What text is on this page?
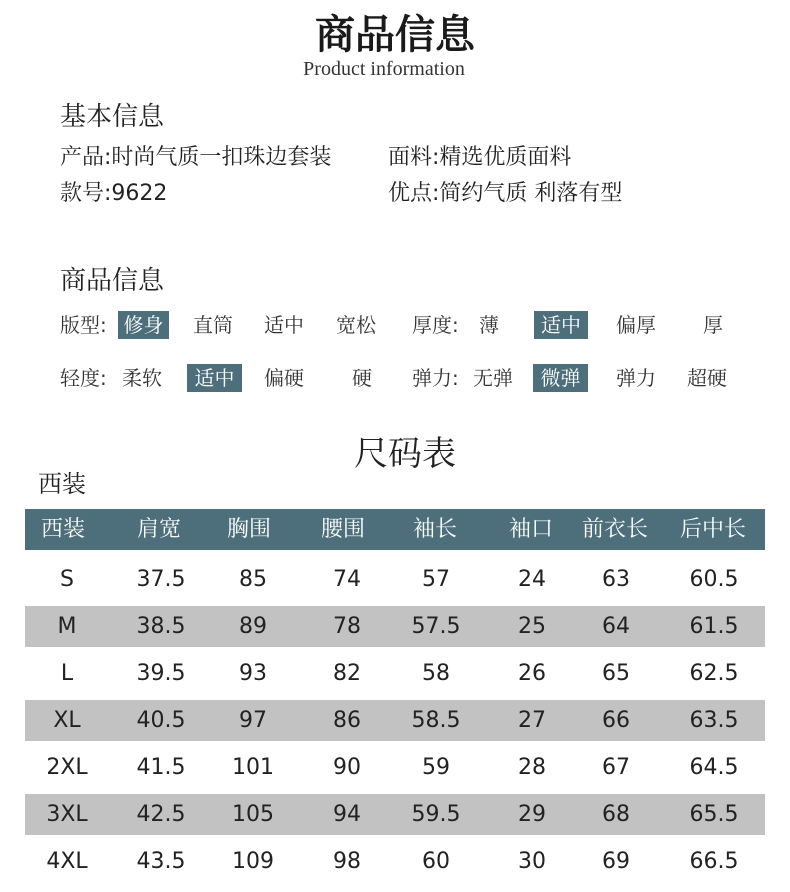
商品信息
Product information
基本信息
产品:时尚气质一扣珠边套装	面料:精选优质面料
款号:9622	优点:简约气质 利落有型
商品信息
版型: 修身 直筒 适中 宽松 厚度: 薄	适中	偏厚 厚
轻度: 柔软	适中	偏硬 硬 弹力: 无弹	微弹	弹力 超硬
尺码表
西装
西装 肩宽 胸围 腰围 袖长 袖口 前衣长 后中长
S	37.5 85	74	57	24	63	60.5
M	38.5 89	78 57.5	25	64	61.5
L	39.5 93	82	58	26	65	62.5
XL	40.5 97	86 58.5	27	66	63.5
2XL 41.5 101	90	59	28	67	64.5
3XL 42.5 105	94 59.5	29	68	65.5
4XL 43.5 109	98	60	30	69	66.5
